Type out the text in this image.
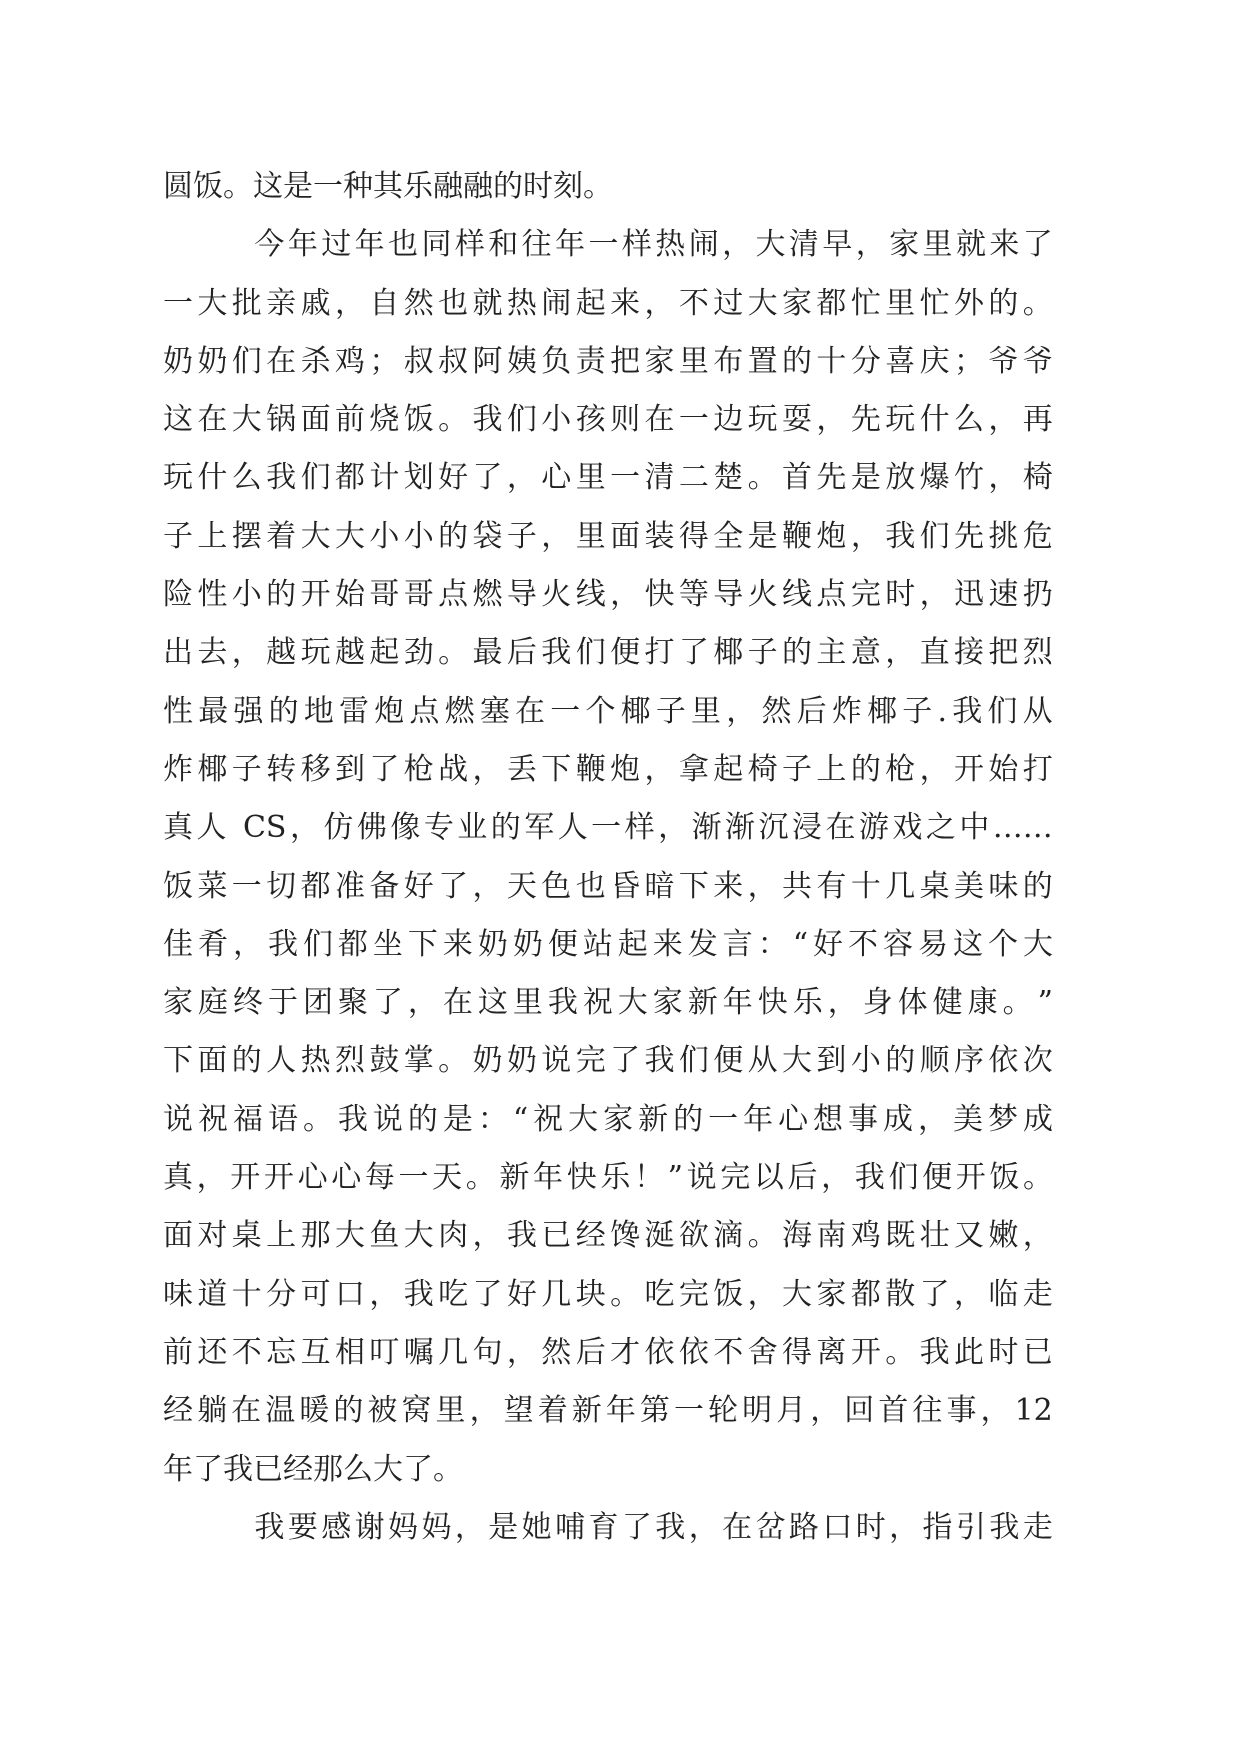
圆饭。这是一种其乐融融的时刻。
今 年 过 年 也 同 样 和 往 年 一 样 热 闹 ， 大 清 早 ， 家 里 就 来 了
一 大 批 亲 戚 ， 自 然 也 就 热 闹 起 来 ， 不 过 大 家 都 忙 里 忙 外 的 。
奶 奶 们 在 杀 鸡 ； 叔 叔 阿 姨 负 责 把 家 里 布 置 的 十 分 喜 庆 ； 爷 爷
这 在 大 锅 面 前 烧 饭 。 我 们 小 孩 则 在 一 边 玩 耍 ， 先 玩 什 么 ， 再
玩 什 么 我 们 都 计 划 好 了 ， 心 里 一 清 二 楚 。 首 先 是 放 爆 竹 ， 椅
子 上 摆 着 大 大 小 小 的 袋 子 ， 里 面 装 得 全 是 鞭 炮 ， 我 们 先 挑 危
险 性 小 的 开 始 哥 哥 点 燃 导 火 线 ， 快 等 导 火 线 点 完 时 ， 迅 速 扔
出 去 ， 越 玩 越 起 劲 。 最 后 我 们 便 打 了 椰 子 的 主 意 ， 直 接 把 烈
性 最 强 的 地 雷 炮 点 燃 塞 在 一 个 椰 子 里 ， 然 后 炸 椰 子 . 我 们 从
炸 椰 子 转 移 到 了 枪 战 ， 丢 下 鞭 炮 ， 拿 起 椅 子 上 的 枪 ， 开 始 打
真 人
CS ， 仿 佛 像 专 业 的 军 人 一 样 ， 渐 渐 沉 浸 在 游 戏 之 中 ……
饭 菜 一 切 都 准 备 好 了 ， 天 色 也 昏 暗 下 来 ， 共 有 十 几 桌 美 味 的
佳 肴 ， 我 们 都 坐 下 来 奶 奶 便 站 起 来 发 言 ： “ 好 不 容 易 这 个 大
家 庭 终 于 团 聚 了 ， 在 这 里 我 祝 大 家 新 年 快 乐 ， 身 体 健 康 。 ”
下 面 的 人 热 烈 鼓 掌 。 奶 奶 说 完 了 我 们 便 从 大 到 小 的 顺 序 依 次
说 祝 福 语 。 我 说 的 是 ： “ 祝 大 家 新 的 一 年 心 想 事 成 ， 美 梦 成
真 ， 开 开 心 心 每 一 天 。 新 年 快 乐 ！ ” 说 完 以 后 ， 我 们 便 开 饭 。
面 对 桌 上 那 大 鱼 大 肉 ， 我 已 经 馋 涎 欲 滴 。 海 南 鸡 既 壮 又 嫩 ，
味 道 十 分 可 口 ， 我 吃 了 好 几 块 。 吃 完 饭 ， 大 家 都 散 了 ， 临 走
前 还 不 忘 互 相 叮 嘱 几 句 ， 然 后 才 依 依 不 舍 得 离 开 。 我 此 时 已
经 躺 在 温 暖 的 被 窝 里 ， 望 着 新 年 第 一 轮 明 月 ， 回 首 往 事 ， 12
年了我已经那么大了。
我 要 感 谢 妈 妈 ， 是 她 哺 育 了 我 ， 在 岔 路 口 时 ， 指 引 我 走
